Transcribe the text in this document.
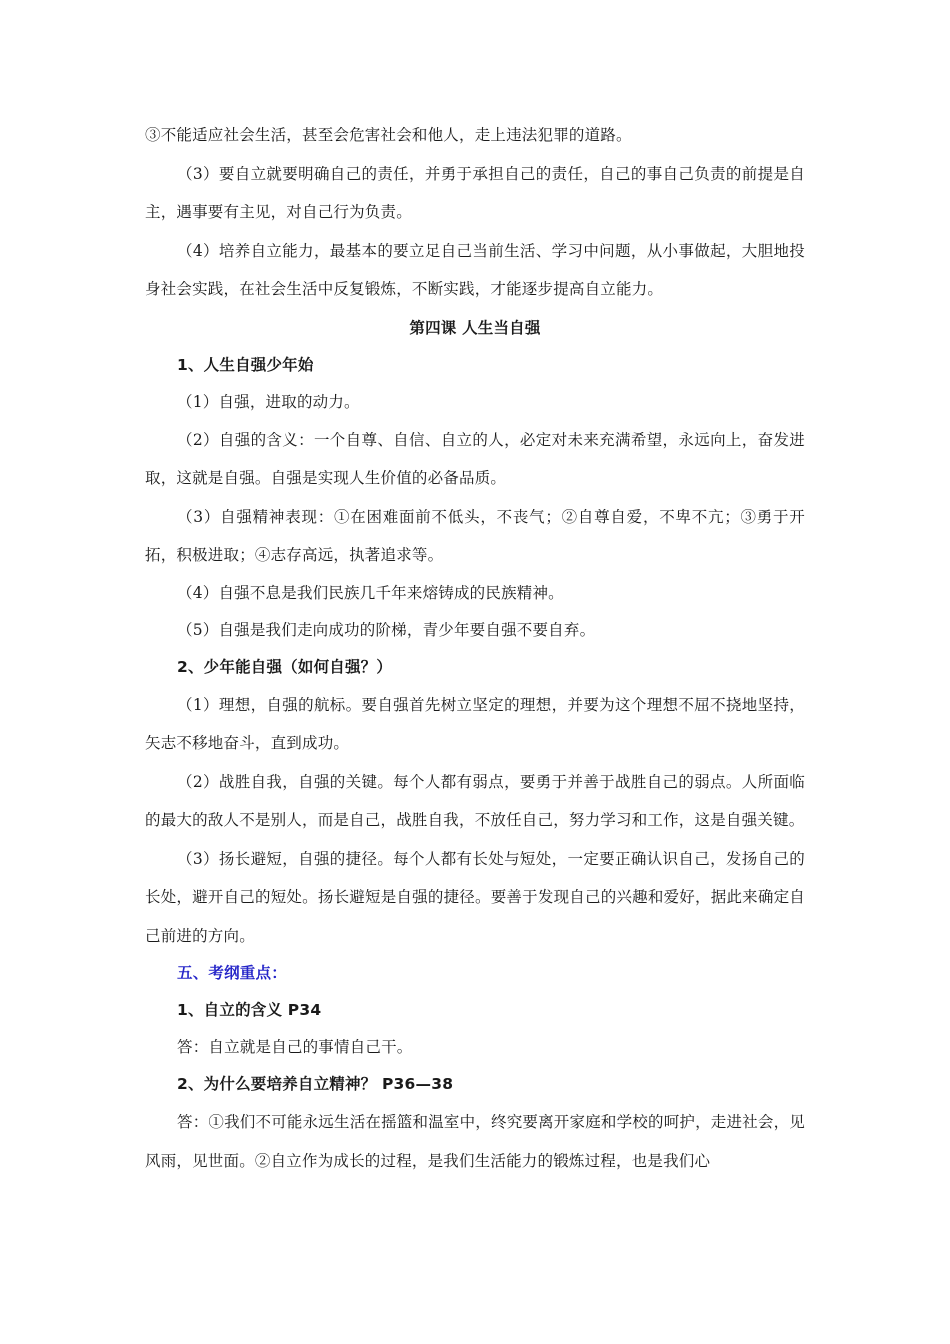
③不能适应社会生活，甚至会危害社会和他人，走上违法犯罪的道路。

（3）要自立就要明确自己的责任，并勇于承担自己的责任，自己的事自己负责的前提是自主，遇事要有主见，对自己行为负责。

（4）培养自立能力，最基本的要立足自己当前生活、学习中问题，从小事做起，大胆地投身社会实践，在社会生活中反复锻炼，不断实践，才能逐步提高自立能力。

第四课 人生当自强

1、人生自强少年始

（1）自强，进取的动力。

（2）自强的含义：一个自尊、自信、自立的人，必定对未来充满希望，永远向上，奋发进取，这就是自强。自强是实现人生价值的必备品质。

（3）自强精神表现：①在困难面前不低头，不丧气；②自尊自爱，不卑不亢；③勇于开拓，积极进取；④志存高远，执著追求等。

（4）自强不息是我们民族几千年来熔铸成的民族精神。

（5）自强是我们走向成功的阶梯，青少年要自强不要自弃。

2、少年能自强（如何自强？）

（1）理想，自强的航标。要自强首先树立坚定的理想，并要为这个理想不屈不挠地坚持，矢志不移地奋斗，直到成功。

（2）战胜自我，自强的关键。每个人都有弱点，要勇于并善于战胜自己的弱点。人所面临的最大的敌人不是别人，而是自己，战胜自我，不放任自己，努力学习和工作，这是自强关键。

（3）扬长避短，自强的捷径。每个人都有长处与短处，一定要正确认识自己，发扬自己的长处，避开自己的短处。扬长避短是自强的捷径。要善于发现自己的兴趣和爱好，据此来确定自己前进的方向。

五、考纲重点：

1、自立的含义 P34

答：自立就是自己的事情自己干。

2、为什么要培养自立精神？ P36—38

答：①我们不可能永远生活在摇篮和温室中，终究要离开家庭和学校的呵护，走进社会，见风雨，见世面。②自立作为成长的过程，是我们生活能力的锻炼过程，也是我们心
